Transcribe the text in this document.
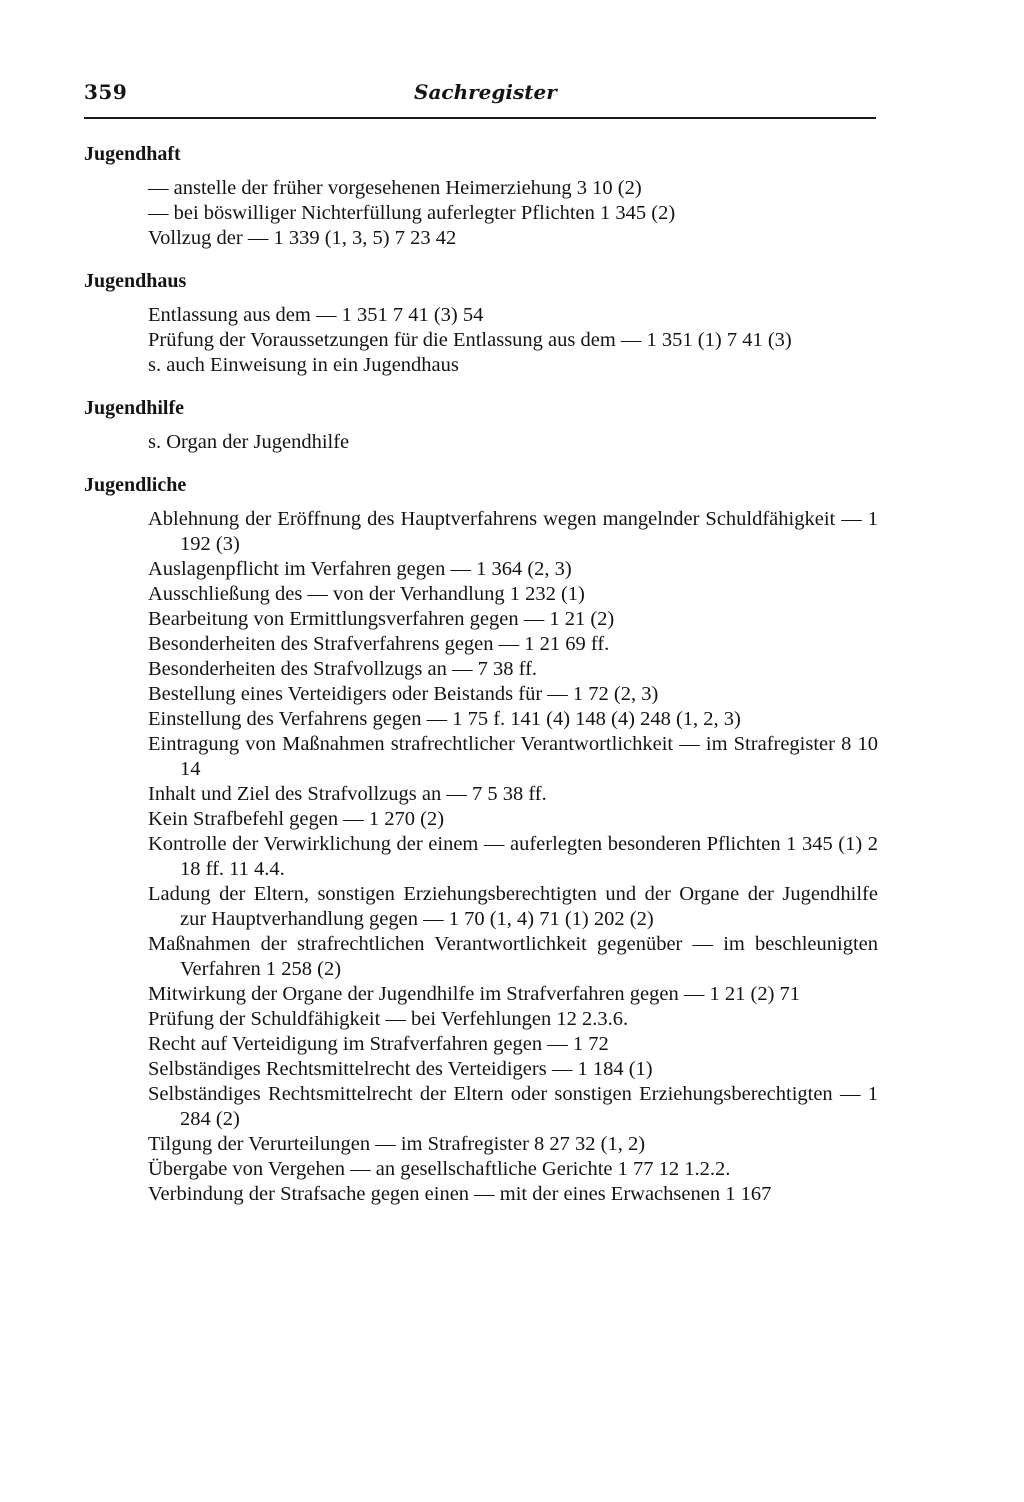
359	Sachregister
Jugendhaft
— anstelle der früher vorgesehenen Heimerziehung 3 10 (2)
— bei böswilliger Nichterfüllung auferlegter Pflichten 1 345 (2)
Vollzug der — 1 339 (1, 3, 5) 7 23 42
Jugendhaus
Entlassung aus dem — 1 351 7 41 (3) 54
Prüfung der Voraussetzungen für die Entlassung aus dem — 1 351 (1) 7 41 (3)
s. auch Einweisung in ein Jugendhaus
Jugendhilfe
s. Organ der Jugendhilfe
Jugendliche
Ablehnung der Eröffnung des Hauptverfahrens wegen mangelnder Schuldfähigkeit — 1 192 (3)
Auslagenpflicht im Verfahren gegen — 1 364 (2, 3)
Ausschließung des — von der Verhandlung 1 232 (1)
Bearbeitung von Ermittlungsverfahren gegen — 1 21 (2)
Besonderheiten des Strafverfahrens gegen — 1 21 69 ff.
Besonderheiten des Strafvollzugs an — 7 38 ff.
Bestellung eines Verteidigers oder Beistands für — 1 72 (2, 3)
Einstellung des Verfahrens gegen — 1 75 f. 141 (4) 148 (4) 248 (1, 2, 3)
Eintragung von Maßnahmen strafrechtlicher Verantwortlichkeit — im Strafregister 8 10 14
Inhalt und Ziel des Strafvollzugs an — 7 5 38 ff.
Kein Strafbefehl gegen — 1 270 (2)
Kontrolle der Verwirklichung der einem — auferlegten besonderen Pflichten 1 345 (1) 2 18 ff. 11 4.4.
Ladung der Eltern, sonstigen Erziehungsberechtigten und der Organe der Jugendhilfe zur Hauptverhandlung gegen — 1 70 (1, 4) 71 (1) 202 (2)
Maßnahmen der strafrechtlichen Verantwortlichkeit gegenüber — im beschleunigten Verfahren 1 258 (2)
Mitwirkung der Organe der Jugendhilfe im Strafverfahren gegen — 1 21 (2) 71
Prüfung der Schuldfähigkeit — bei Verfehlungen 12 2.3.6.
Recht auf Verteidigung im Strafverfahren gegen — 1 72
Selbständiges Rechtsmittelrecht des Verteidigers — 1 184 (1)
Selbständiges Rechtsmittelrecht der Eltern oder sonstigen Erziehungsberechtigten — 1 284 (2)
Tilgung der Verurteilungen — im Strafregister 8 27 32 (1, 2)
Übergabe von Vergehen — an gesellschaftliche Gerichte 1 77 12 1.2.2.
Verbindung der Strafsache gegen einen — mit der eines Erwachsenen 1 167
